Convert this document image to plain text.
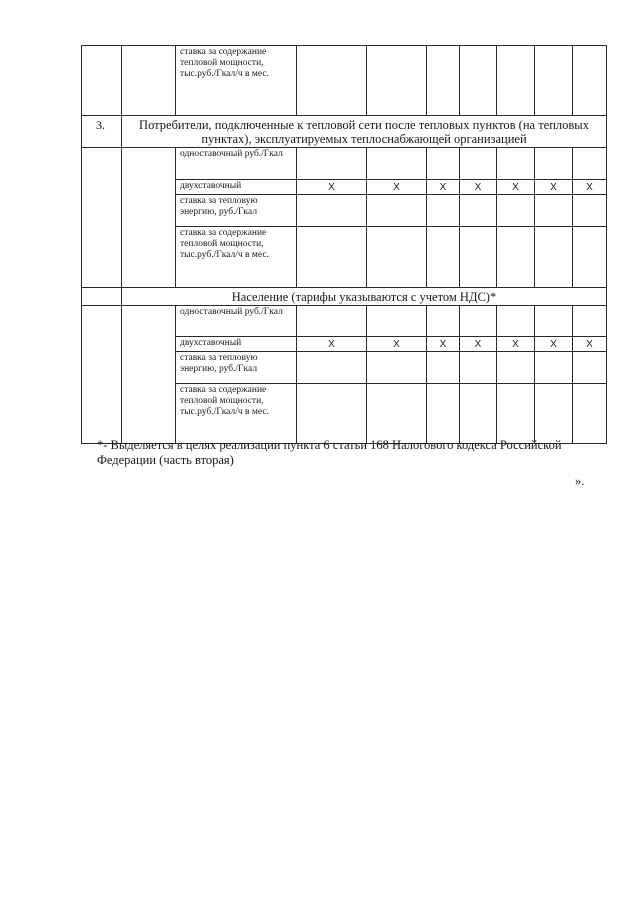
		ставка за содержание тепловой мощности, тыс.руб./Гкал/ч в мес.							
3.	Потребители, подключенные к тепловой сети после тепловых пунктов (на тепловых пунктах), эксплуатируемых теплоснабжающей организацией								
		одноставочный руб./Гкал							
		двухставочный	X	X	X	X	X	X	X
		ставка за тепловую энергию, руб./Гкал							
		ставка за содержание тепловой мощности, тыс.руб./Гкал/ч в мес.							
	Население (тарифы указываются с учетом НДС)*								
		одноставочный руб./Гкал							
		двухставочный	X	X	X	X	X	X	X
		ставка за тепловую энергию, руб./Гкал							
		ставка за содержание тепловой мощности, тыс.руб./Гкал/ч в мес.							
*- Выделяется в целях реализации пункта 6 статьи 168 Налогового кодекса Российской Федерации (часть вторая)
».
